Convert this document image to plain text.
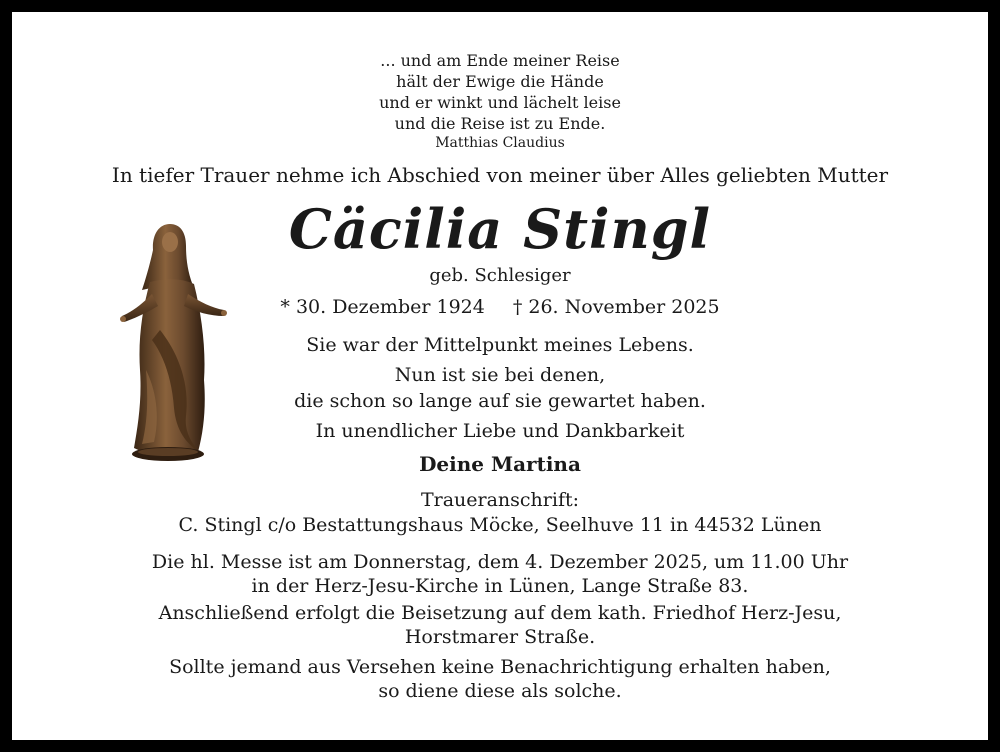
... und am Ende meiner Reise
hält der Ewige die Hände
und er winkt und lächelt leise
und die Reise ist zu Ende.
Matthias Claudius
In tiefer Trauer nehme ich Abschied von meiner über Alles geliebten Mutter
Cäcilia Stingl
geb. Schlesiger
* 30. Dezember 1924 † 26. November 2025
Sie war der Mittelpunkt meines Lebens.
Nun ist sie bei denen,
die schon so lange auf sie gewartet haben.
In unendlicher Liebe und Dankbarkeit
Deine Martina
Traueranschrift:
C. Stingl c/o Bestattungshaus Möcke, Seelhuve 11 in 44532 Lünen
Die hl. Messe ist am Donnerstag, dem 4. Dezember 2025, um 11.00 Uhr
in der Herz-Jesu-Kirche in Lünen, Lange Straße 83.
Anschließend erfolgt die Beisetzung auf dem kath. Friedhof Herz-Jesu,
Horstmarer Straße.
Sollte jemand aus Versehen keine Benachrichtigung erhalten haben,
so diene diese als solche.
